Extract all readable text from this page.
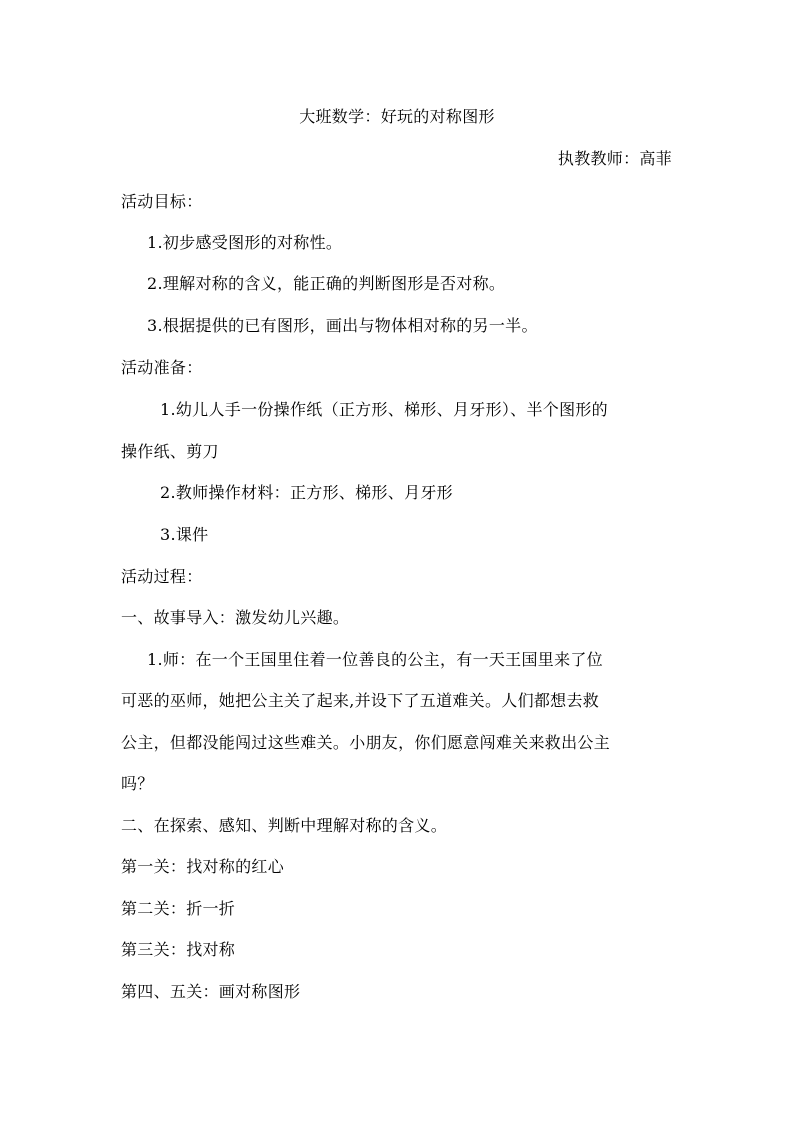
大班数学：好玩的对称图形
执教教师：高菲
活动目标：
1.初步感受图形的对称性。
2.理解对称的含义，能正确的判断图形是否对称。
3.根据提供的已有图形，画出与物体相对称的另一半。
活动准备：
1.幼儿人手一份操作纸（正方形、梯形、月牙形）、半个图形的
操作纸、剪刀
2.教师操作材料：正方形、梯形、月牙形
3.课件
活动过程：
一、故事导入：激发幼儿兴趣。
1.师：在一个王国里住着一位善良的公主，有一天王国里来了位
可恶的巫师，她把公主关了起来,并设下了五道难关。人们都想去救
公主，但都没能闯过这些难关。小朋友，你们愿意闯难关来救出公主
吗？
二、在探索、感知、判断中理解对称的含义。
第一关：找对称的红心
第二关：折一折
第三关：找对称
第四、五关：画对称图形
